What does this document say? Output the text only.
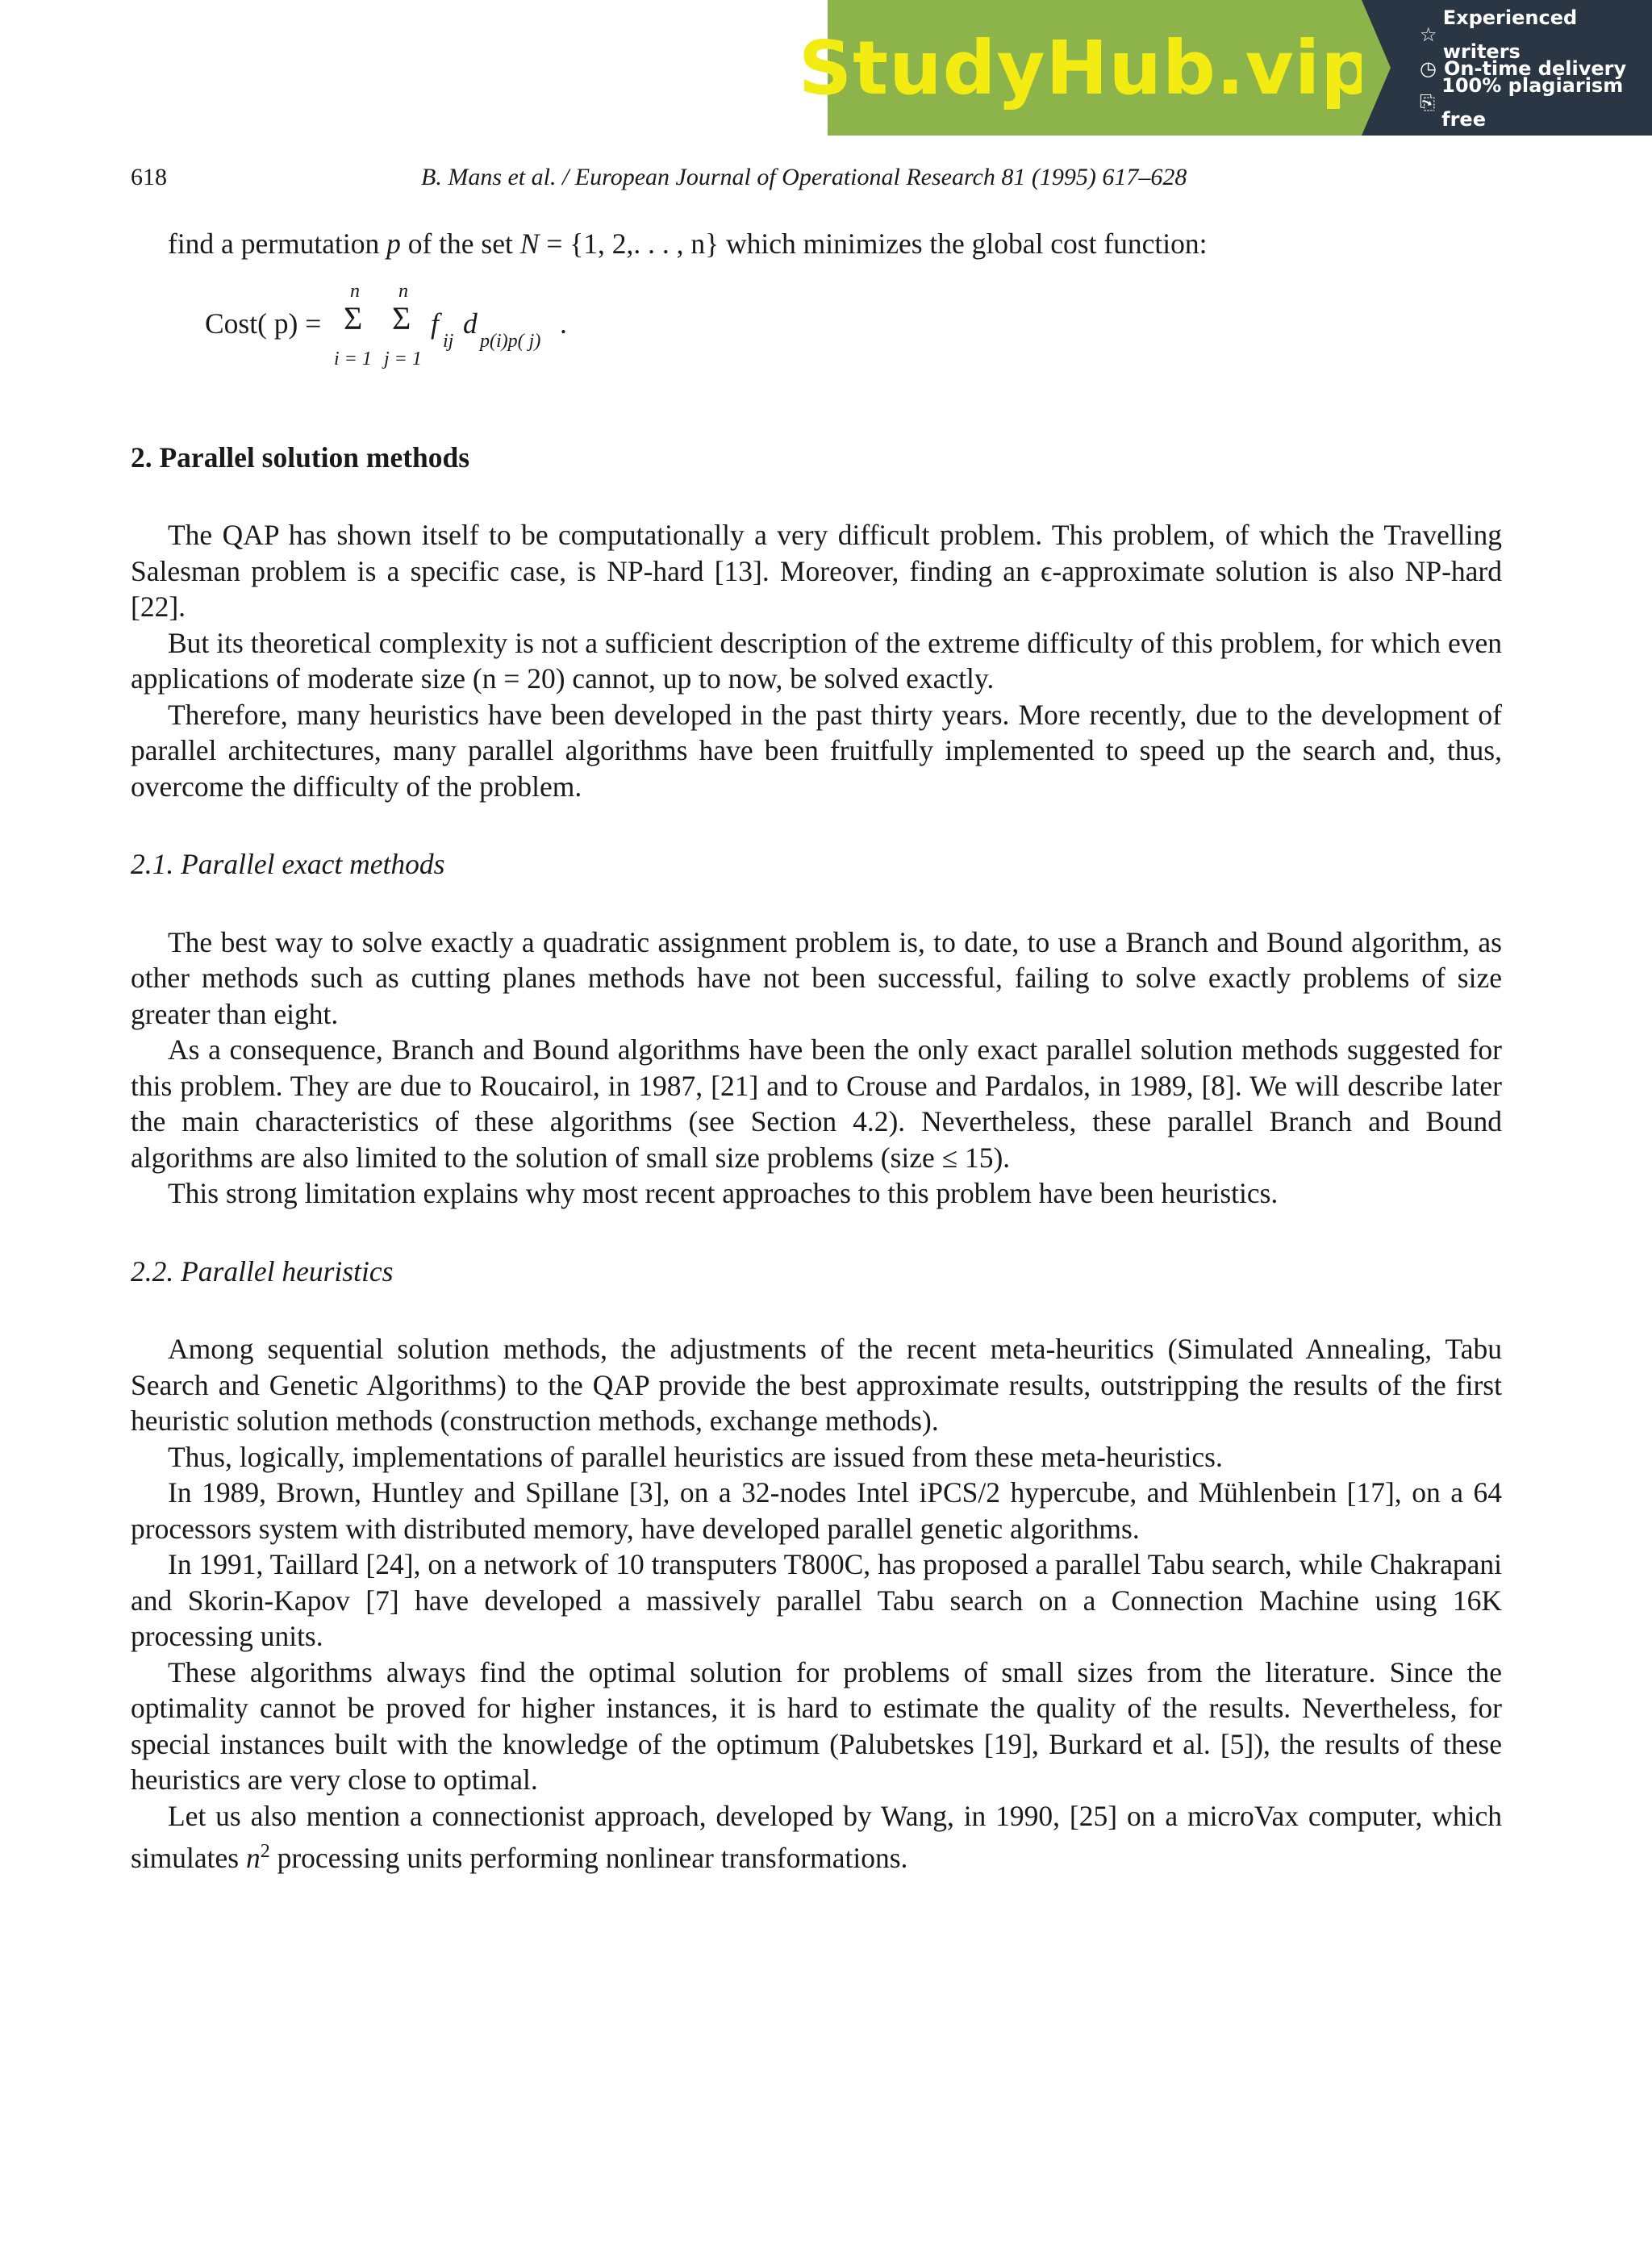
StudyHub.vip ☆
Experienced writers
◷ On-time delivery
⎘
100% plagiarism free
618	B. Mans et al. / European Journal of Operational Research 81 (1995) 617–628

find a permutation p of the set N = {1, 2,. . . , n} which minimizes the global cost function:

Cost( p) =
n
Σ
i = 1
n
Σ
j = 1
f
ij
d
p(i)p( j)
.
2. Parallel solution methods

The QAP has shown itself to be computationally a very difficult problem. This problem, of which the Travelling Salesman problem is a specific case, is NP-hard [13]. Moreover, finding an ϵ-approximate solution is also NP-hard [22].

But its theoretical complexity is not a sufficient description of the extreme difficulty of this problem, for which even applications of moderate size (n = 20) cannot, up to now, be solved exactly.

Therefore, many heuristics have been developed in the past thirty years. More recently, due to the development of parallel architectures, many parallel algorithms have been fruitfully implemented to speed up the search and, thus, overcome the difficulty of the problem.

2.1. Parallel exact methods

The best way to solve exactly a quadratic assignment problem is, to date, to use a Branch and Bound algorithm, as other methods such as cutting planes methods have not been successful, failing to solve exactly problems of size greater than eight.

As a consequence, Branch and Bound algorithms have been the only exact parallel solution methods suggested for this problem. They are due to Roucairol, in 1987, [21] and to Crouse and Pardalos, in 1989, [8]. We will describe later the main characteristics of these algorithms (see Section 4.2). Nevertheless, these parallel Branch and Bound algorithms are also limited to the solution of small size problems (size ≤ 15).

This strong limitation explains why most recent approaches to this problem have been heuristics.

2.2. Parallel heuristics

Among sequential solution methods, the adjustments of the recent meta-heuritics (Simulated Annealing, Tabu Search and Genetic Algorithms) to the QAP provide the best approximate results, outstripping the results of the first heuristic solution methods (construction methods, exchange methods).

Thus, logically, implementations of parallel heuristics are issued from these meta-heuristics.

In 1989, Brown, Huntley and Spillane [3], on a 32-nodes Intel iPCS/2 hypercube, and Mühlenbein [17], on a 64 processors system with distributed memory, have developed parallel genetic algorithms.

In 1991, Taillard [24], on a network of 10 transputers T800C, has proposed a parallel Tabu search, while Chakrapani and Skorin-Kapov [7] have developed a massively parallel Tabu search on a Connection Machine using 16K processing units.

These algorithms always find the optimal solution for problems of small sizes from the literature. Since the optimality cannot be proved for higher instances, it is hard to estimate the quality of the results. Nevertheless, for special instances built with the knowledge of the optimum (Palubetskes [19], Burkard et al. [5]), the results of these heuristics are very close to optimal.

Let us also mention a connectionist approach, developed by Wang, in 1990, [25] on a microVax computer, which simulates $n^2$ processing units performing nonlinear transformations.
